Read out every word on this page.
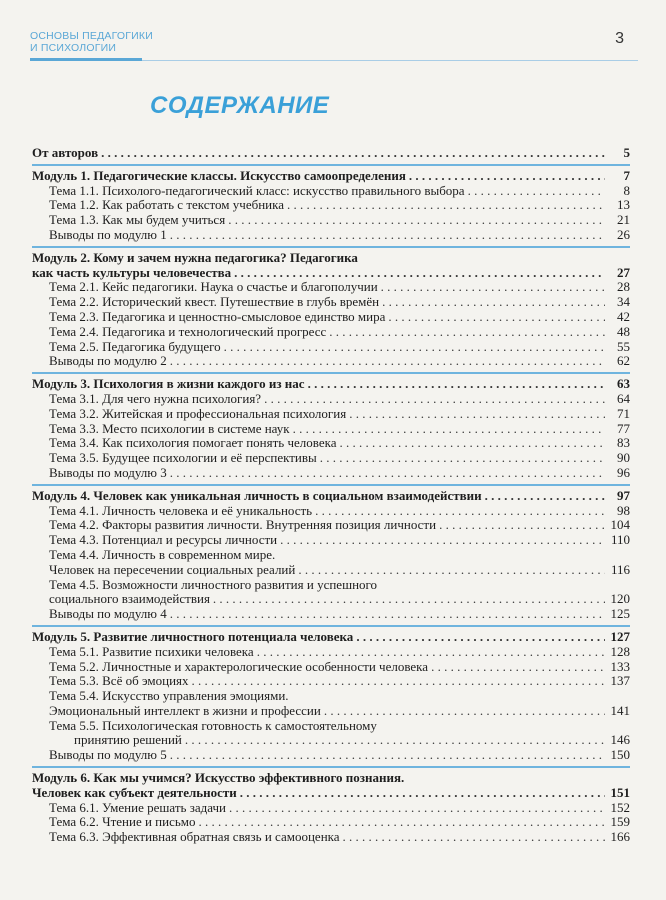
ОСНОВЫ ПЕДАГОГИКИ
И ПСИХОЛОГИИ
3
СОДЕРЖАНИЕ
От авторов . . .	5
Модуль 1. Педагогические классы. Искусство самоопределения . . .	7
Тема 1.1. Психолого-педагогический класс: искусство правильного выбора . . .	8
Тема 1.2. Как работать с текстом учебника . . .	13
Тема 1.3. Как мы будем учиться . . .	21
Выводы по модулю 1 . . .	26
Модуль 2. Кому и зачем нужна педагогика? Педагогика
как часть культуры человечества . . .	27
Тема 2.1. Кейс педагогики. Наука о счастье и благополучии . . .	28
Тема 2.2. Исторический квест. Путешествие в глубь времён . . .	34
Тема 2.3. Педагогика и ценностно-смысловое единство мира . . .	42
Тема 2.4. Педагогика и технологический прогресс . . .	48
Тема 2.5. Педагогика будущего . . .	55
Выводы по модулю 2 . . .	62
Модуль 3. Психология в жизни каждого из нас . . .	63
Тема 3.1. Для чего нужна психология? . . .	64
Тема 3.2. Житейская и профессиональная психология . . .	71
Тема 3.3. Место психологии в системе наук . . .	77
Тема 3.4. Как психология помогает понять человека . . .	83
Тема 3.5. Будущее психологии и её перспективы . . .	90
Выводы по модулю 3 . . .	96
Модуль 4. Человек как уникальная личность в социальном взаимодействии . . .	97
Тема 4.1. Личность человека и её уникальность . . .	98
Тема 4.2. Факторы развития личности. Внутренняя позиция личности . . .	104
Тема 4.3. Потенциал и ресурсы личности . . .	110
Тема 4.4. Личность в современном мире.
Человек на пересечении социальных реалий . . .	116
Тема 4.5. Возможности личностного развития и успешного
социального взаимодействия . . .	120
Выводы по модулю 4 . . .	125
Модуль 5. Развитие личностного потенциала человека . . .	127
Тема 5.1. Развитие психики человека . . .	128
Тема 5.2. Личностные и характерологические особенности человека . . .	133
Тема 5.3. Всё об эмоциях . . .	137
Тема 5.4. Искусство управления эмоциями.
Эмоциональный интеллект в жизни и профессии . . .	141
Тема 5.5. Психологическая готовность к самостоятельному
принятию решений . . .	146
Выводы по модулю 5 . . .	150
Модуль 6. Как мы учимся? Искусство эффективного познания.
Человек как субъект деятельности . . .	151
Тема 6.1. Умение решать задачи . . .	152
Тема 6.2. Чтение и письмо . . .	159
Тема 6.3. Эффективная обратная связь и самооценка . . .	166
